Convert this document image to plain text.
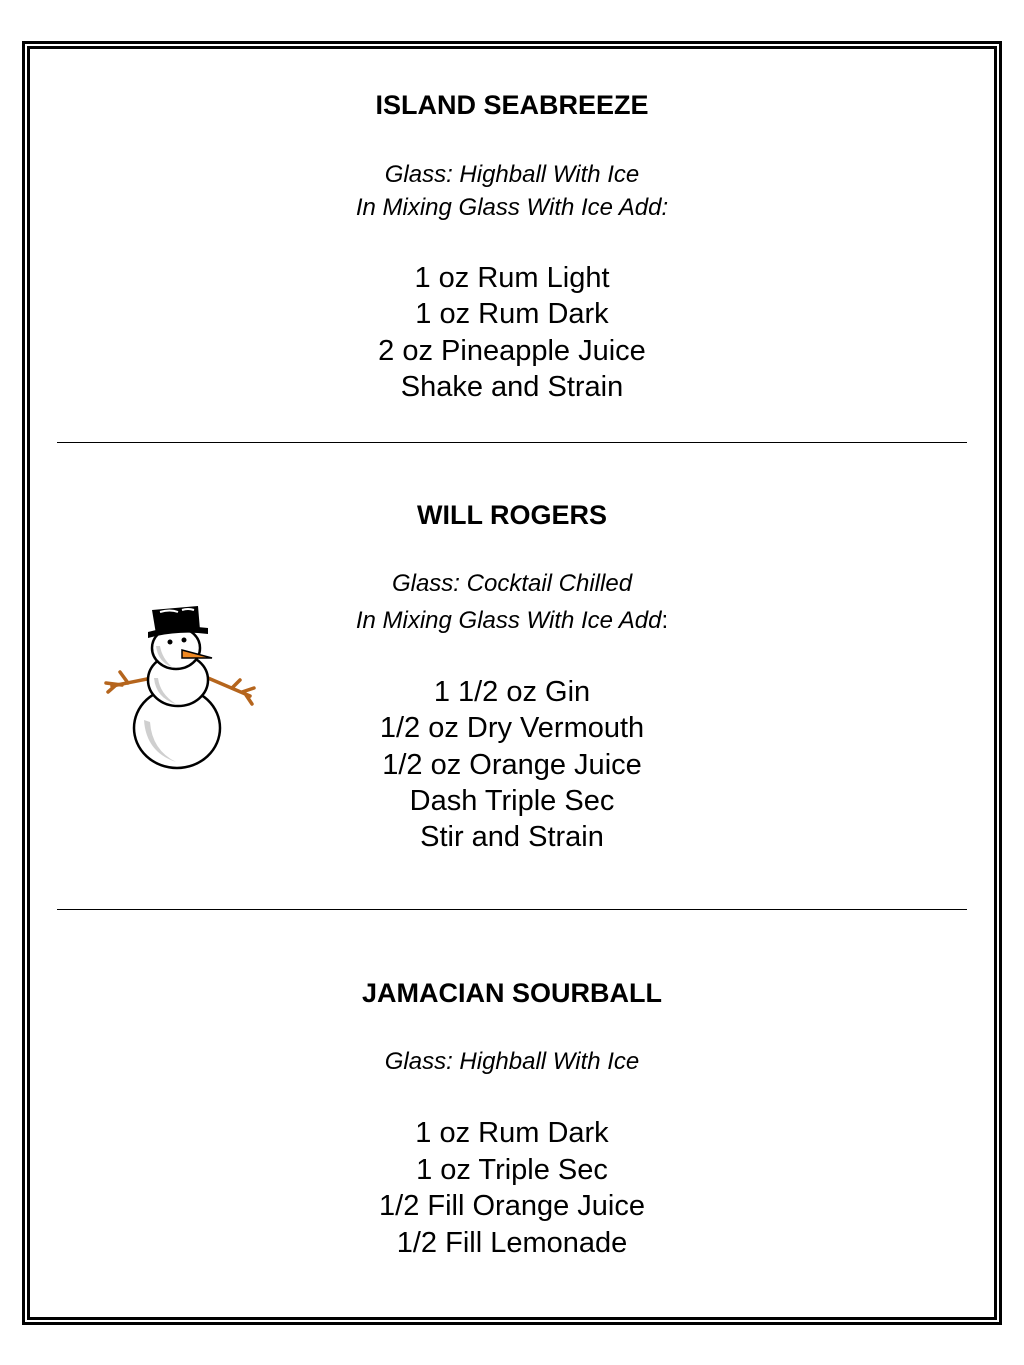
ISLAND SEABREEZE
Glass: Highball With Ice
In Mixing Glass With Ice Add:
1 oz Rum Light
1 oz Rum Dark
2 oz Pineapple Juice
Shake and Strain
WILL ROGERS
Glass: Cocktail Chilled
In Mixing Glass With Ice Add:
1 1/2 oz Gin
1/2 oz Dry Vermouth
1/2 oz Orange Juice
Dash Triple Sec
Stir and Strain
JAMACIAN SOURBALL
Glass: Highball With Ice
1 oz Rum Dark
1 oz Triple Sec
1/2 Fill Orange Juice
1/2 Fill Lemonade
